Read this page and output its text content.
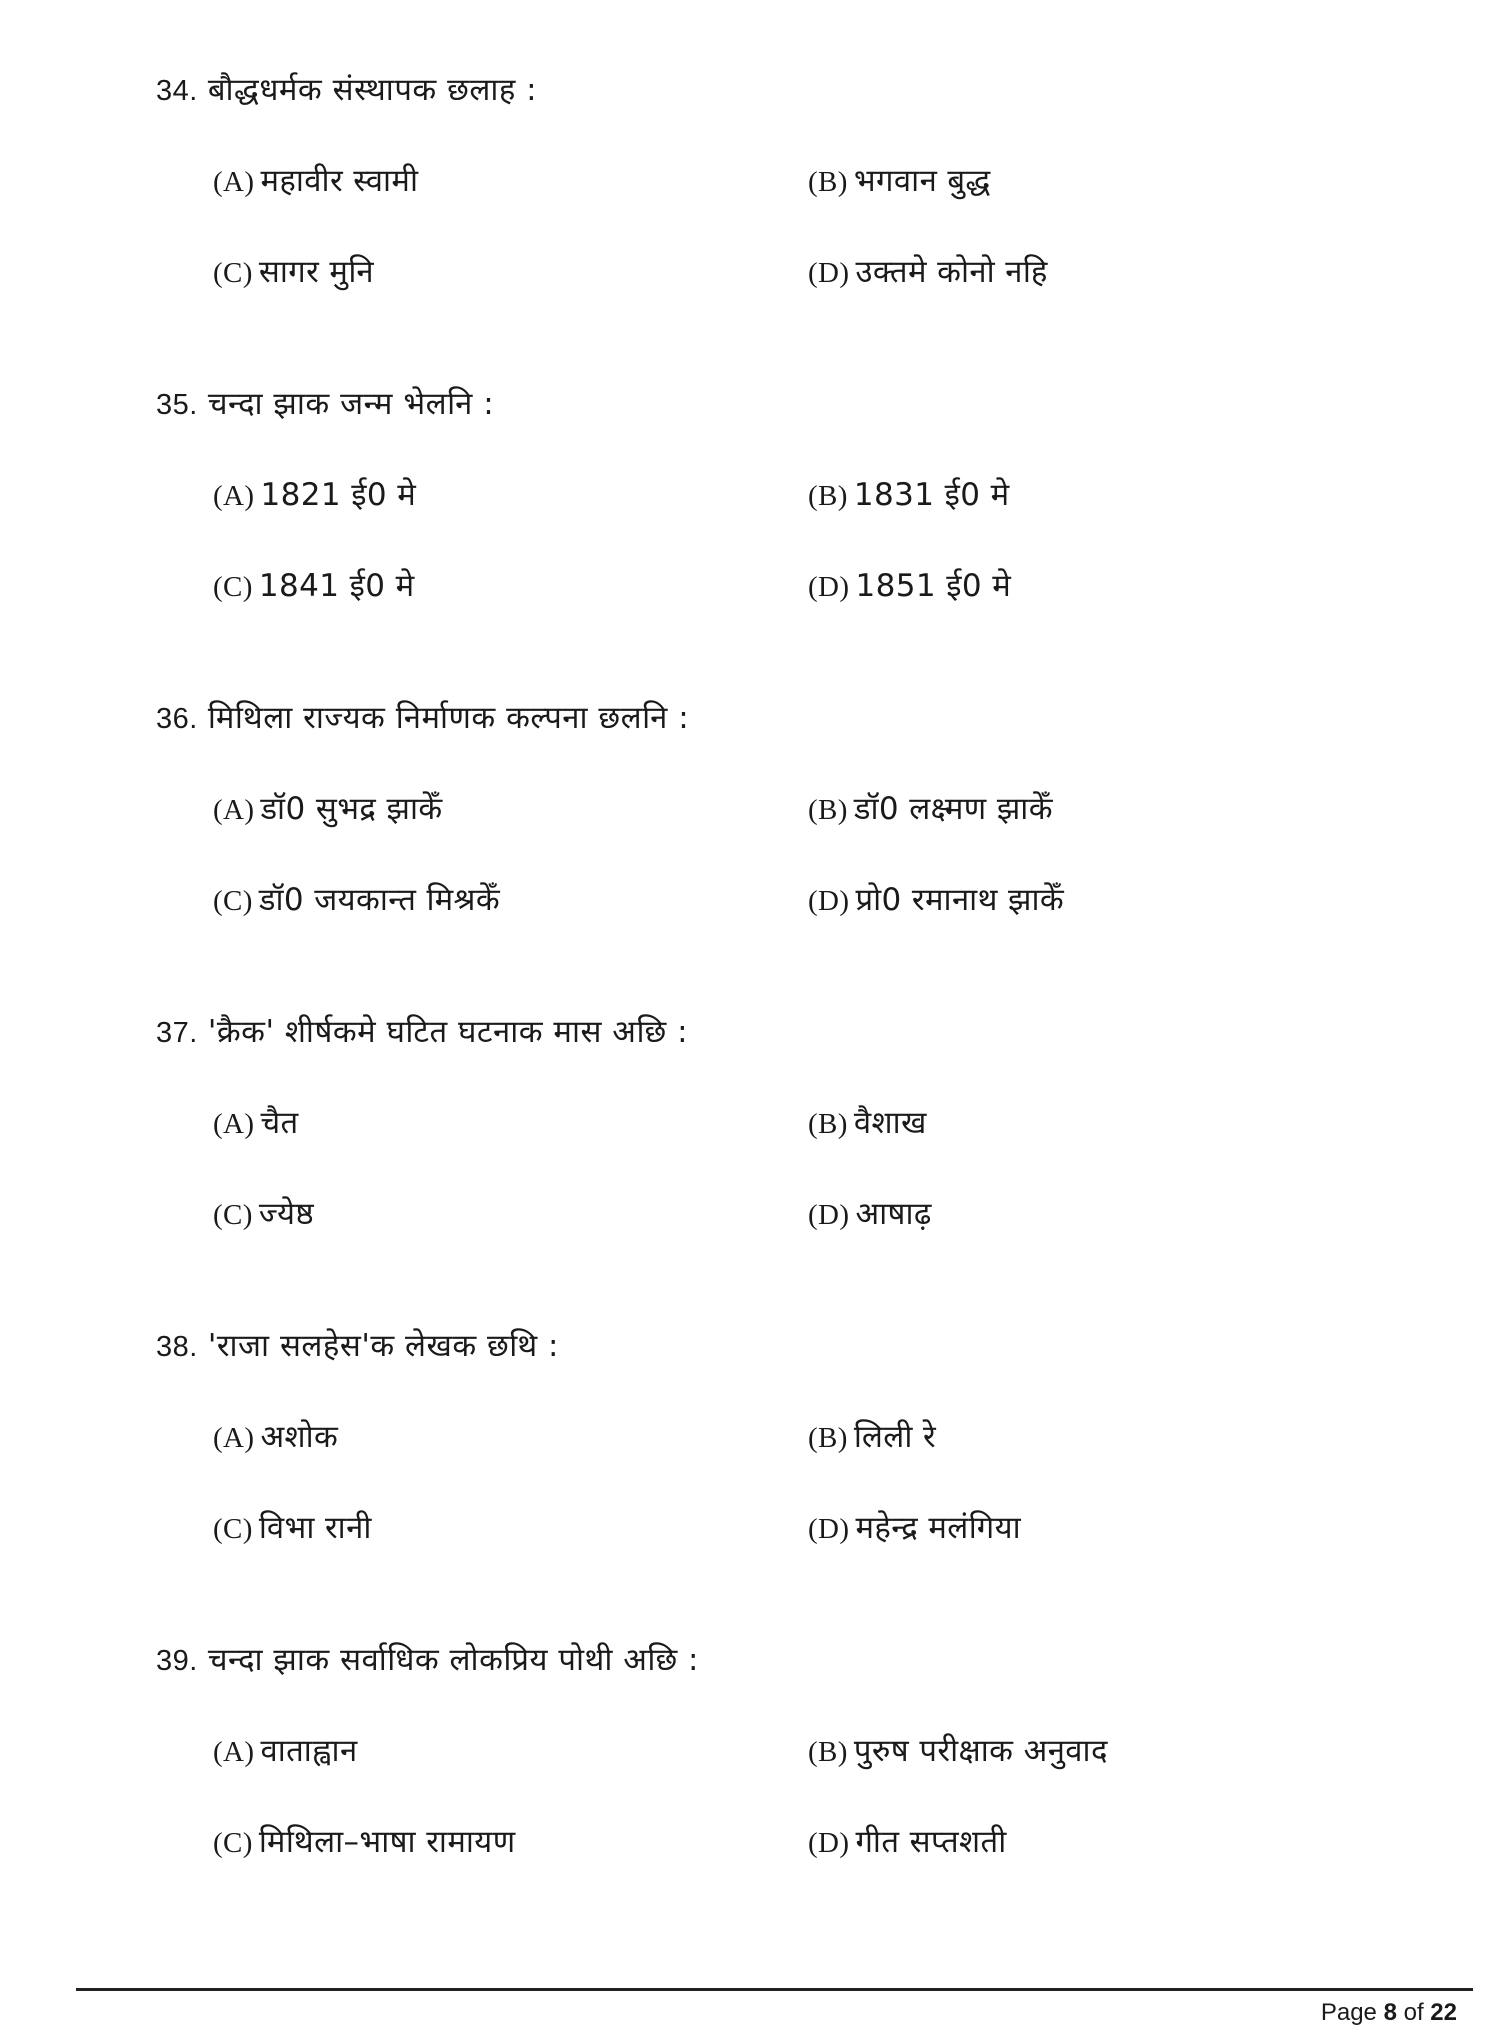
34. बौद्धधर्मक संस्थापक छलाह :
(A) महावीर स्वामी	(B) भगवान बुद्ध
(C) सागर मुनि	(D) उक्तमे कोनो नहि
35. चन्दा झाक जन्म भेलनि :
(A) 1821 ई0 मे	(B) 1831 ई0 मे
(C) 1841 ई0 मे	(D) 1851 ई0 मे
36. मिथिला राज्यक निर्माणक कल्पना छलनि :
(A) डॉ0 सुभद्र झाकेँ	(B) डॉ0 लक्ष्मण झाकेँ
(C) डॉ0 जयकान्त मिश्रकेँ	(D) प्रो0 रमानाथ झाकेँ
37. 'क्रैक' शीर्षकमे घटित घटनाक मास अछि :
(A) चैत	(B) वैशाख
(C) ज्येष्ठ	(D) आषाढ़
38. 'राजा सलहेस'क लेखक छथि :
(A) अशोक	(B) लिली रे
(C) विभा रानी	(D) महेन्द्र मलंगिया
39. चन्दा झाक सर्वाधिक लोकप्रिय पोथी अछि :
(A) वाताह्वान	(B) पुरुष परीक्षाक अनुवाद
(C) मिथिला–भाषा रामायण	(D) गीत सप्तशती
Page 8 of 22
